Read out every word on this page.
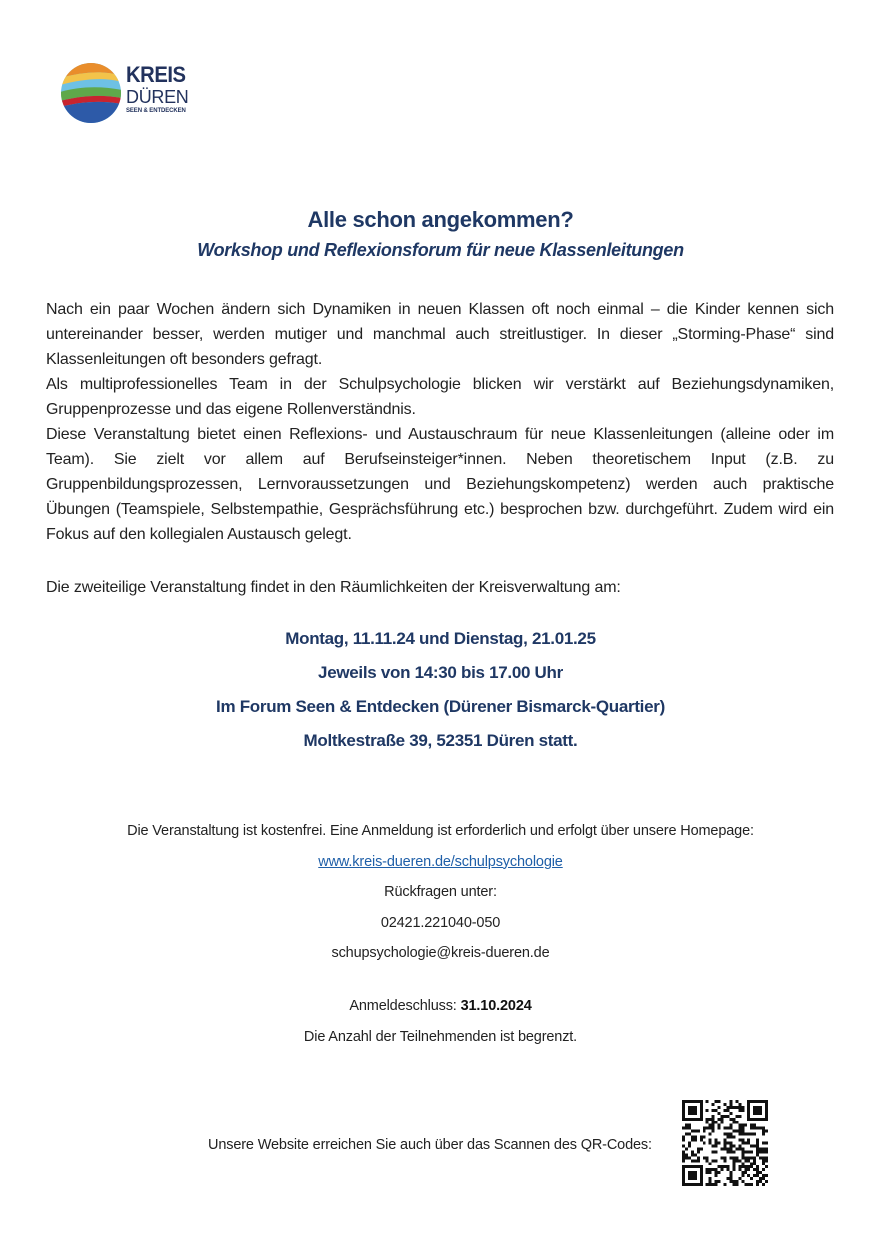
KREIS
DÜREN
SEEN & ENTDECKEN
Alle schon angekommen?
Workshop und Reflexionsforum für neue Klassenleitungen

Nach ein paar Wochen ändern sich Dynamiken in neuen Klassen oft noch einmal – die Kinder kennen sich untereinander besser, werden mutiger und manchmal auch streitlustiger. In dieser „Storming-Phase“ sind Klassenleitungen oft besonders gefragt.

Als multiprofessionelles Team in der Schulpsychologie blicken wir verstärkt auf Beziehungsdynamiken, Gruppenprozesse und das eigene Rollenverständnis.

Diese Veranstaltung bietet einen Reflexions- und Austauschraum für neue Klassenleitungen (alleine oder im Team). Sie zielt vor allem auf Berufseinsteiger*innen. Neben theoretischem Input (z.B. zu Gruppenbildungsprozessen, Lernvoraussetzungen und Beziehungskompetenz) werden auch praktische Übungen (Teamspiele, Selbstempathie, Gesprächsführung etc.) besprochen bzw. durchgeführt. Zudem wird ein Fokus auf den kollegialen Austausch gelegt.

Die zweiteilige Veranstaltung findet in den Räumlichkeiten der Kreisverwaltung am:
Montag, 11.11.24 und Dienstag, 21.01.25
Jeweils von 14:30 bis 17.00 Uhr
Im Forum Seen & Entdecken (Dürener Bismarck-Quartier)
Moltkestraße 39, 52351 Düren statt.
Die Veranstaltung ist kostenfrei. Eine Anmeldung ist erforderlich und erfolgt über unsere Homepage:
www.kreis-dueren.de/schulpsychologie
Rückfragen unter:
02421.221040-050
schupsychologie@kreis-dueren.de
Anmeldeschluss: 31.10.2024
Die Anzahl der Teilnehmenden ist begrenzt.
Unsere Website erreichen Sie auch über das Scannen des QR-Codes:
